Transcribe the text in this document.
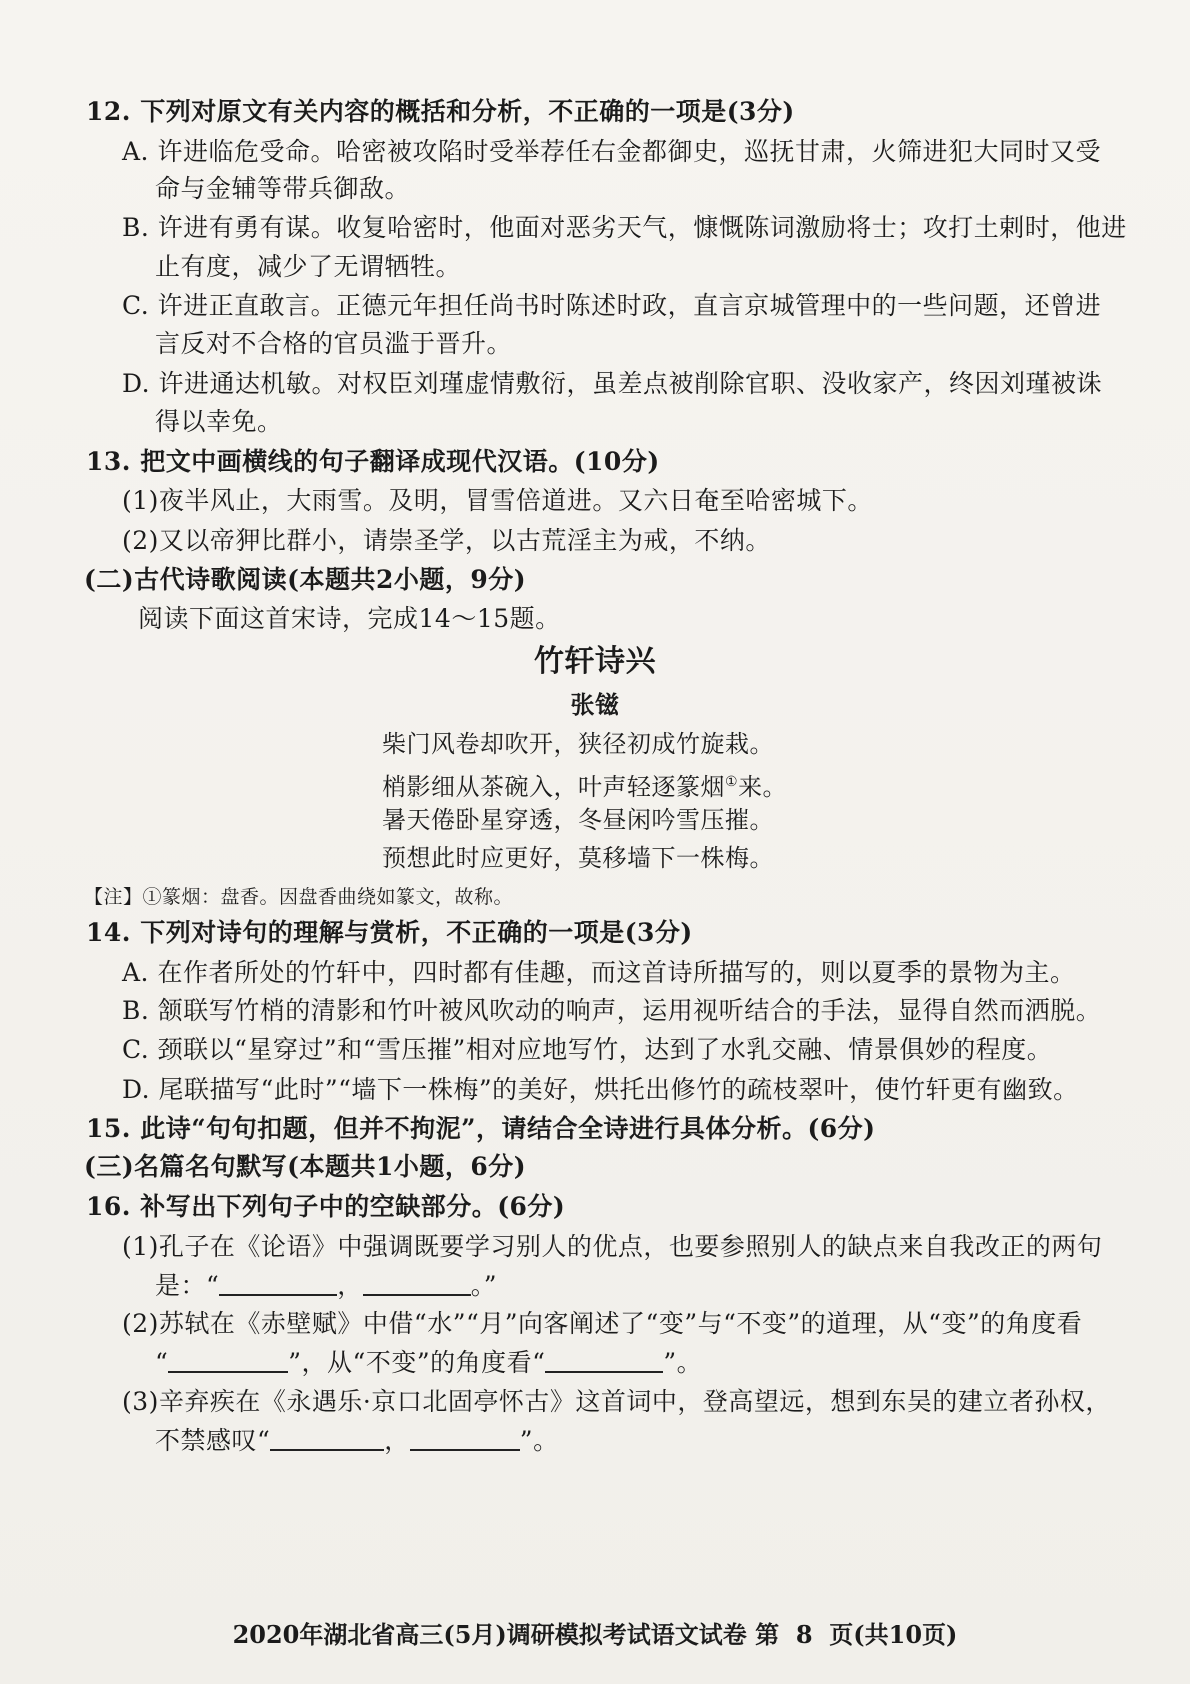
12. 下列对原文有关内容的概括和分析，不正确的一项是(3分)
A. 许进临危受命。哈密被攻陷时受举荐任右金都御史，巡抚甘肃，火筛进犯大同时又受
命与金辅等带兵御敌。
B. 许进有勇有谋。收复哈密时，他面对恶劣天气，慷慨陈词激励将士；攻打土剌时，他进
止有度，减少了无谓牺牲。
C. 许进正直敢言。正德元年担任尚书时陈述时政，直言京城管理中的一些问题，还曾进
言反对不合格的官员滥于晋升。
D. 许进通达机敏。对权臣刘瑾虚情敷衍，虽差点被削除官职、没收家产，终因刘瑾被诛
得以幸免。
13. 把文中画横线的句子翻译成现代汉语。(10分)
(1)夜半风止，大雨雪。及明，冒雪倍道进。又六日奄至哈密城下。
(2)又以帝狎比群小，请崇圣学，以古荒淫主为戒，不纳。
(二)古代诗歌阅读(本题共2小题，9分)
阅读下面这首宋诗，完成14～15题。
竹轩诗兴
张镃
柴门风卷却吹开，狭径初成竹旋栽。
梢影细从茶碗入，叶声轻逐篆烟①来。
暑天倦卧星穿透，冬昼闲吟雪压摧。
预想此时应更好，莫移墙下一株梅。
【注】①篆烟：盘香。因盘香曲绕如篆文，故称。
14. 下列对诗句的理解与赏析，不正确的一项是(3分)
A. 在作者所处的竹轩中，四时都有佳趣，而这首诗所描写的，则以夏季的景物为主。
B. 颔联写竹梢的清影和竹叶被风吹动的响声，运用视听结合的手法，显得自然而洒脱。
C. 颈联以“星穿过”和“雪压摧”相对应地写竹，达到了水乳交融、情景俱妙的程度。
D. 尾联描写“此时”“墙下一株梅”的美好，烘托出修竹的疏枝翠叶，使竹轩更有幽致。
15. 此诗“句句扣题，但并不拘泥”，请结合全诗进行具体分析。(6分)
(三)名篇名句默写(本题共1小题，6分)
16. 补写出下列句子中的空缺部分。(6分)
(1)孔子在《论语》中强调既要学习别人的优点，也要参照别人的缺点来自我改正的两句
是：“	，	。”
(2)苏轼在《赤壁赋》中借“水”“月”向客阐述了“变”与“不变”的道理，从“变”的角度看
“	”，从“不变”的角度看“	”。
(3)辛弃疾在《永遇乐·京口北固亭怀古》这首词中，登高望远，想到东吴的建立者孙权，
不禁感叹“	，	”。
2020年湖北省高三(5月)调研模拟考试语文试卷 第 8 页(共10页)
